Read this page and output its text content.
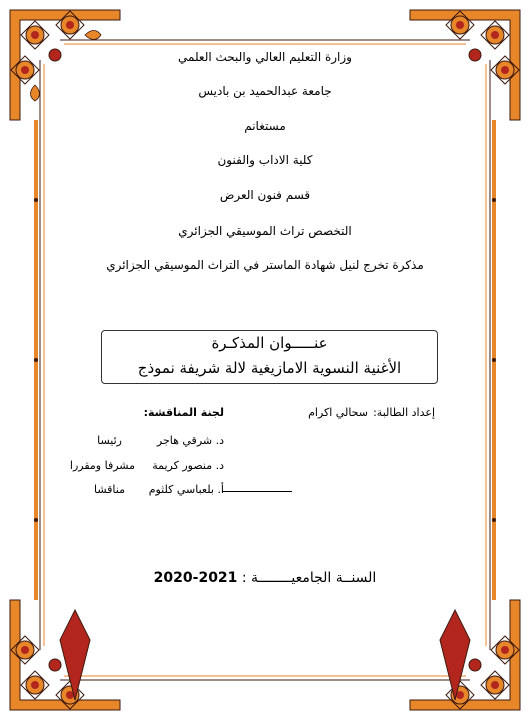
وزارة التعليم العالي والبحث العلمي
جامعة عبدالحميد بن باديس
مستغانم
كلية الاداب والفنون
قسم فنون العرض
التخصص تراث الموسيقي الجزائري
مذكرة تخرج لنيل شهادة الماستر في التراث الموسيقي الجزائري
عنـــــوان المذكـرة
الأغنية النسوية الامازيغية لالة شريفة نموذج
إعداد الطالبة:
سحالي اكرام
لجنة المناقشة:
د. شرقي هاجر
رئيسا
د. منصور كريمة
مشرفا ومقررا
أ. بلعباسي كلثوم
مناقشا
السنــة الجامعيــــــــة : 2020-2021
